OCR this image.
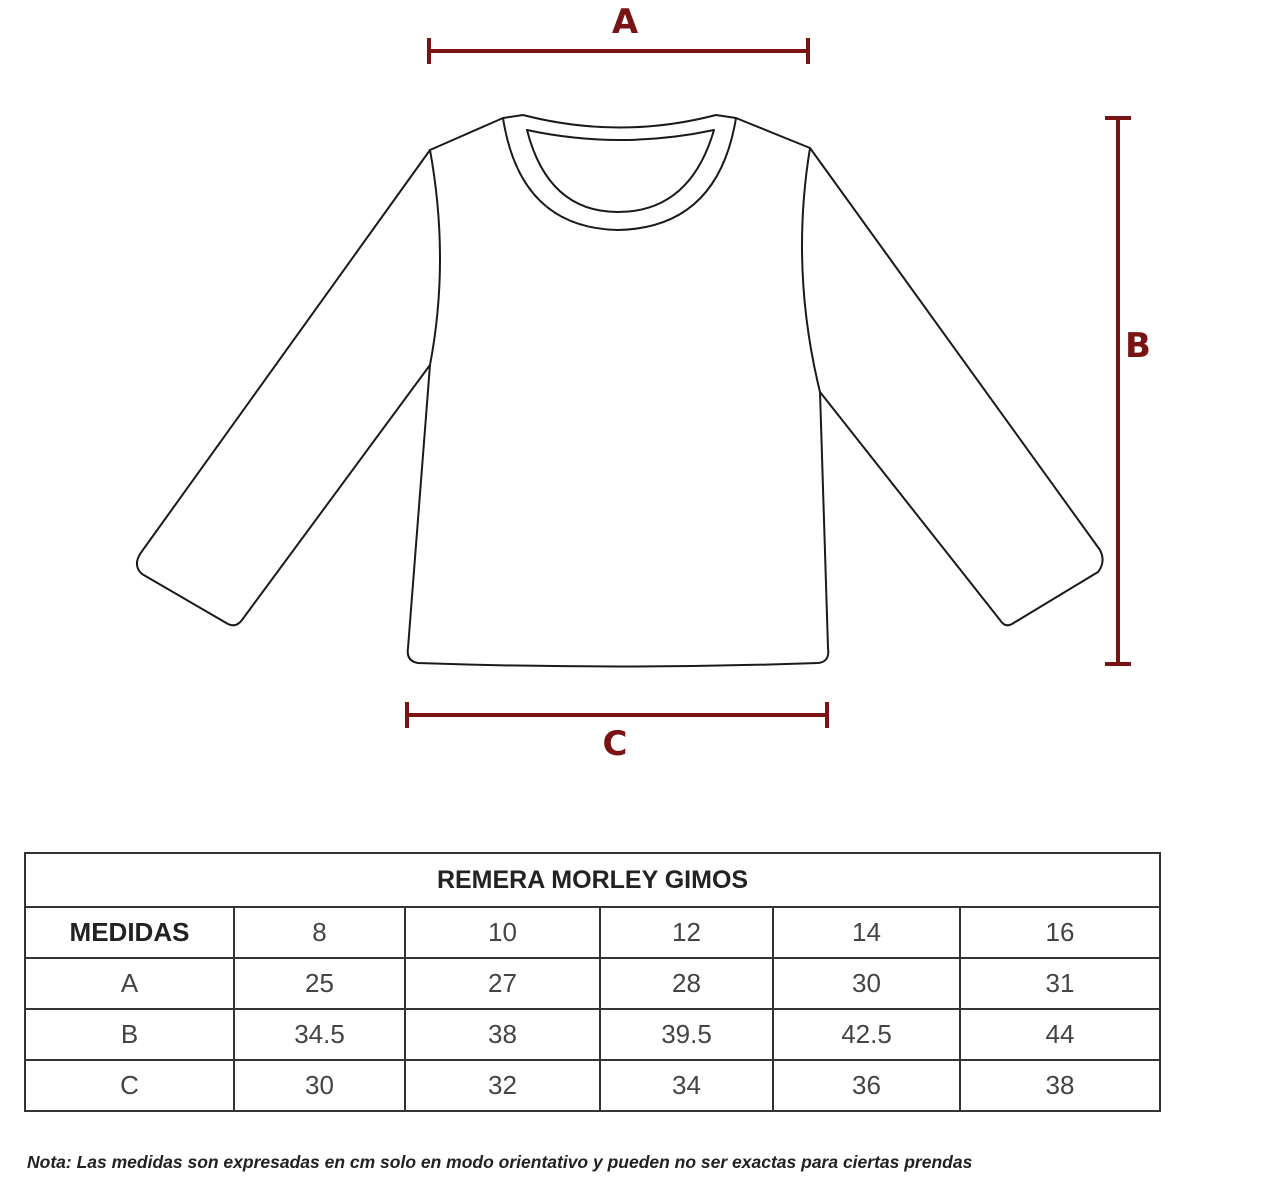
A
B
C
REMERA MORLEY GIMOS					
MEDIDAS	8	10	12	14	16
A	25	27	28	30	31
B	34.5	38	39.5	42.5	44
C	30	32	34	36	38
Nota: Las medidas son expresadas en cm solo en modo orientativo y pueden no ser exactas para ciertas prendas
